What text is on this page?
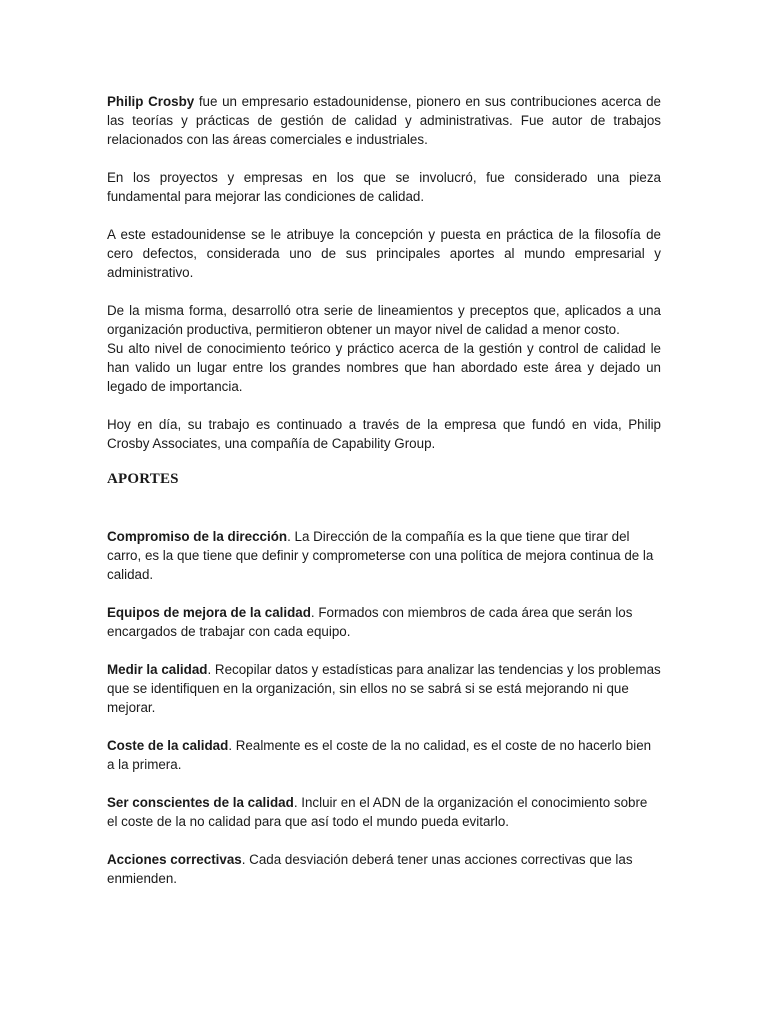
Philip Crosby fue un empresario estadounidense, pionero en sus contribuciones acerca de las teorías y prácticas de gestión de calidad y administrativas. Fue autor de trabajos relacionados con las áreas comerciales e industriales.

En los proyectos y empresas en los que se involucró, fue considerado una pieza fundamental para mejorar las condiciones de calidad.

A este estadounidense se le atribuye la concepción y puesta en práctica de la filosofía de cero defectos, considerada uno de sus principales aportes al mundo empresarial y administrativo.

De la misma forma, desarrolló otra serie de lineamientos y preceptos que, aplicados a una organización productiva, permitieron obtener un mayor nivel de calidad a menor costo.

Su alto nivel de conocimiento teórico y práctico acerca de la gestión y control de calidad le han valido un lugar entre los grandes nombres que han abordado este área y dejado un legado de importancia.

Hoy en día, su trabajo es continuado a través de la empresa que fundó en vida, Philip Crosby Associates, una compañía de Capability Group.

APORTES

Compromiso de la dirección. La Dirección de la compañía es la que tiene que tirar del carro, es la que tiene que definir y comprometerse con una política de mejora continua de la calidad.

Equipos de mejora de la calidad. Formados con miembros de cada área que serán los encargados de trabajar con cada equipo.

Medir la calidad. Recopilar datos y estadísticas para analizar las tendencias y los problemas que se identifiquen en la organización, sin ellos no se sabrá si se está mejorando ni que mejorar.

Coste de la calidad. Realmente es el coste de la no calidad, es el coste de no hacerlo bien a la primera.

Ser conscientes de la calidad. Incluir en el ADN de la organización el conocimiento sobre el coste de la no calidad para que así todo el mundo pueda evitarlo.

Acciones correctivas. Cada desviación deberá tener unas acciones correctivas que las enmienden.
